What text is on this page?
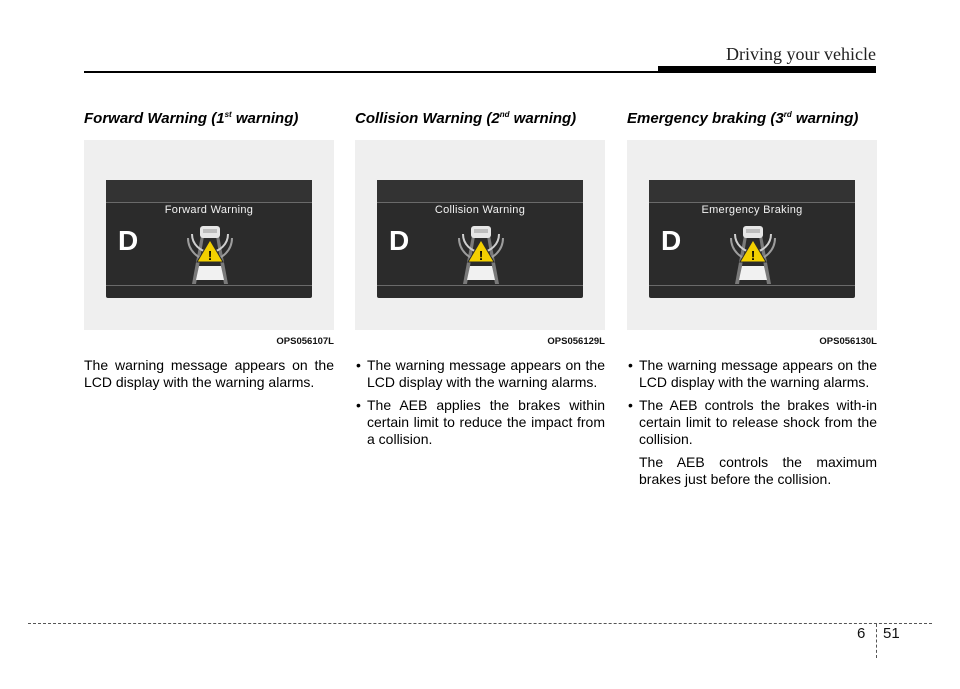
Driving your vehicle
Forward Warning (1st warning)
Forward Warning
D	!
OPS056107L

The warning message appears on the LCD display with the warning alarms.

Collision Warning (2nd warning)
Collision Warning
D	!
OPS056129L
• The warning message appears on the LCD display with the warning alarms.
• The AEB applies the brakes within certain limit to reduce the impact from a collision.
Emergency braking (3rd warning)
Emergency Braking
D	!
OPS056130L
• The warning message appears on the LCD display with the warning alarms.
• The AEB controls the brakes with-in certain limit to release shock from the collision.

The AEB controls the maximum brakes just before the collision.

6 51
